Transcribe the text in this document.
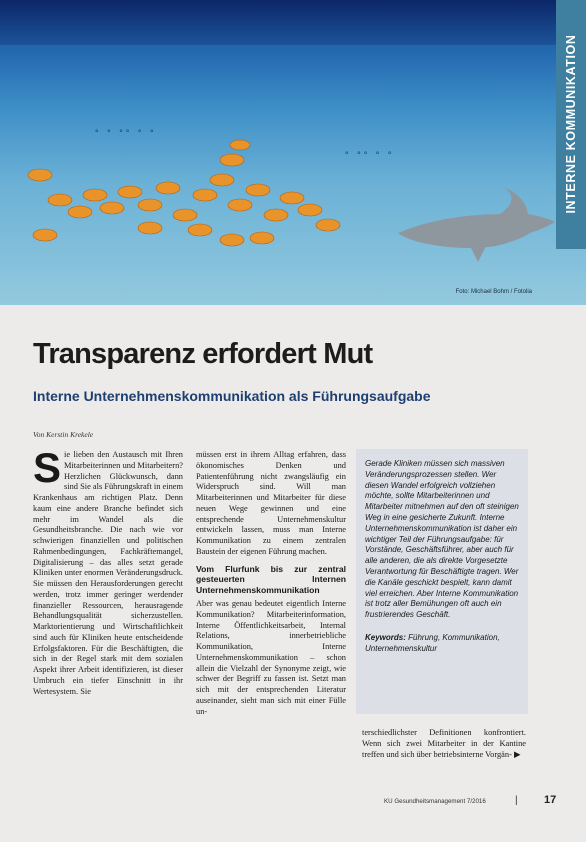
° ° °° ° °
° °° ° °
Foto: Michael Bohm / Fotolia
INTERNE KOMMUNIKATION
Transparenz erfordert Mut
Interne Unternehmenskommunikation als Führungsaufgabe
Von Kerstin Krekele

S ie lieben den Austausch mit Ihren Mitarbeiterinnen und Mitarbeitern? Herzlichen Glückwunsch, dann sind Sie als Führungskraft in einem Krankenhaus am richtigen Platz. Denn kaum eine andere Branche befindet sich mehr im Wandel als die Gesundheitsbranche. Die nach wie vor schwierigen finanziellen und politischen Rahmenbedingungen, Fachkräftemangel, Digitalisierung – das alles setzt gerade Kliniken unter enormen Veränderungsdruck. Sie müssen den Herausforderungen gerecht werden, trotz immer geringer werdender finanzieller Ressourcen, herausragende Behandlungsqualität sicherzustellen. Marktorientierung und Wirtschaftlichkeit sind auch für Kliniken heute entscheidende Erfolgsfaktoren. Für die Beschäftigten, die sich in der Regel stark mit dem sozialen Aspekt ihrer Arbeit identifizieren, ist dieser Umbruch ein tiefer Einschnitt in ihr Wertesystem. Sie

müssen erst in ihrem Alltag erfahren, dass ökonomisches Denken und Patientenführung nicht zwangsläufig ein Widerspruch sind. Will man Mitarbeiterinnen und Mitarbeiter für diese neuen Wege gewinnen und eine entsprechende Unternehmenskultur entwickeln lassen, muss man Interne Kommunikation zu einem zentralen Baustein der eigenen Führung machen.

Vom Flurfunk bis zur zentral gesteuerten Internen Unternehmenskommunikation

Aber was genau bedeutet eigentlich Interne Kommunikation? Mitarbeiterinformation, Interne Öffentlichkeitsarbeit, Internal Relations, innerbetriebliche Kommunikation, Interne Unternehmenskommunikation – schon allein die Vielzahl der Synonyme zeigt, wie schwer der Begriff zu fassen ist. Setzt man sich mit der entsprechenden Literatur auseinander, sieht man sich mit einer Fülle un-

Gerade Kliniken müssen sich massiven Veränderungsprozessen stellen. Wer diesen Wandel erfolgreich vollziehen möchte, sollte Mitarbeiterinnen und Mitarbeiter mitnehmen auf den oft steinigen Weg in eine gesicherte Zukunft. Interne Unternehmenskommunikation ist daher ein wichtiger Teil der Führungsaufgabe: für Vorstände, Geschäftsführer, aber auch für alle anderen, die als direkte Vorgesetzte Verantwortung für Beschäftigte tragen. Wer die Kanäle geschickt bespielt, kann damit viel erreichen. Aber Interne Kommunikation ist trotz aller Bemühungen oft auch ein frustrierendes Geschäft.

Keywords: Führung, Kommunikation, Unternehmenskultur

terschiedlichster Definitionen konfrontiert. Wenn sich zwei Mitarbeiter in der Kantine treffen und sich über betriebsinterne Vorgän- ▶

KU Gesundheitsmanagement 7/2016	| 17
